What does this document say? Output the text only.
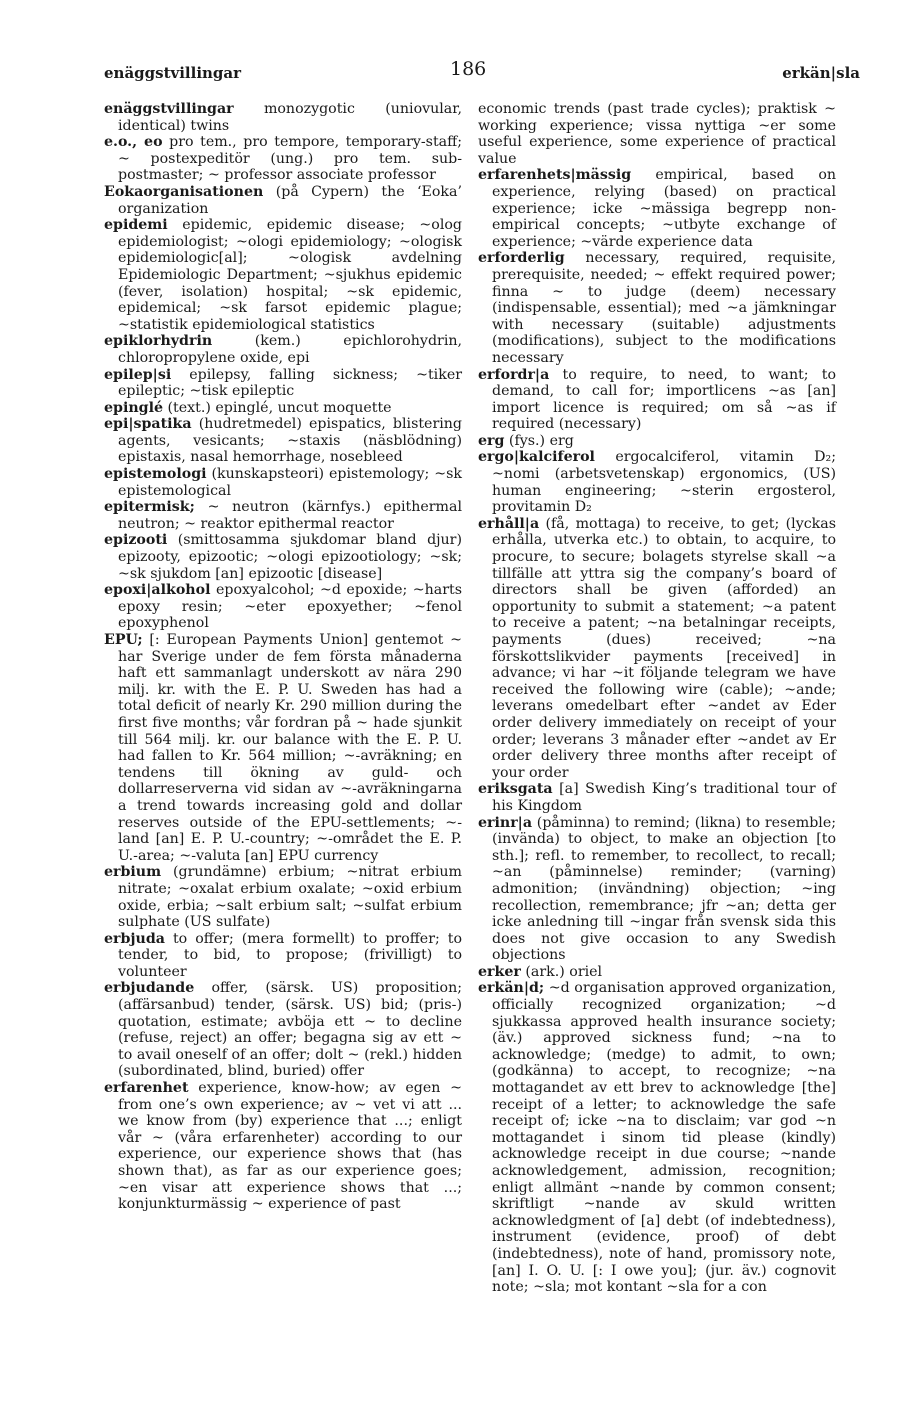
enäggstvillingar	186	erkän|sla

enäggstvillingar monozygotic (uniovular, identical) twins

e.o., eo pro tem., pro tempore, temporary-staff; ~ postexpeditör (ung.) pro tem. sub-postmaster; ~ professor associate professor

Eokaorganisationen (på Cypern) the ‘Eoka’ organization

epidemi epidemic, epidemic disease; ~olog epidemiologist; ~ologi epidemiology; ~ologisk epidemiologic[al]; ~ologisk avdelning Epidemiologic Department; ~sjukhus epidemic (fever, isolation) hospital; ~sk epidemic, epidemical; ~sk farsot epidemic plague; ~statistik epidemiological statistics

epiklorhydrin (kem.) epichlorohydrin, chloropropylene oxide, epi

epilep|si epilepsy, falling sickness; ~tiker epileptic; ~tisk epileptic

epinglé (text.) epinglé, uncut moquette

epi|spatika (hudretmedel) epispatics, blistering agents, vesicants; ~staxis (näsblödning) epistaxis, nasal hemorrhage, nosebleed

epistemologi (kunskapsteori) epistemology; ~sk epistemological

epitermisk; ~ neutron (kärnfys.) epithermal neutron; ~ reaktor epithermal reactor

epizooti (smittosamma sjukdomar bland djur) epizooty, epizootic; ~ologi epizootiology; ~sk; ~sk sjukdom [an] epizootic [disease]

epoxi|alkohol epoxyalcohol; ~d epoxide; ~harts epoxy resin; ~eter epoxyether; ~fenol epoxyphenol

EPU; [: European Payments Union] gentemot ~ har Sverige under de fem första månaderna haft ett sammanlagt underskott av nära 290 milj. kr. with the E. P. U. Sweden has had a total deficit of nearly Kr. 290 million during the first five months; vår fordran på ~ hade sjunkit till 564 milj. kr. our balance with the E. P. U. had fallen to Kr. 564 million; ~-avräkning; en tendens till ökning av guld- och dollarreserverna vid sidan av ~-avräkningarna a trend towards increasing gold and dollar reserves outside of the EPU-settlements; ~-land [an] E. P. U.-country; ~-området the E. P. U.-area; ~-valuta [an] EPU currency

erbium (grundämne) erbium; ~nitrat erbium nitrate; ~oxalat erbium oxalate; ~oxid erbium oxide, erbia; ~salt erbium salt; ~sulfat erbium sulphate (US sulfate)

erbjuda to offer; (mera formellt) to proffer; to tender, to bid, to propose; (frivilligt) to volunteer

erbjudande offer, (särsk. US) proposition; (affärsanbud) tender, (särsk. US) bid; (pris-) quotation, estimate; avböja ett ~ to decline (refuse, reject) an offer; begagna sig av ett ~ to avail oneself of an offer; dolt ~ (rekl.) hidden (subordinated, blind, buried) offer

erfarenhet experience, know-how; av egen ~ from one’s own experience; av ~ vet vi att ... we know from (by) experience that ...; enligt vår ~ (våra erfarenheter) according to our experience, our experience shows that (has shown that), as far as our experience goes; ~en visar att experience shows that ...; konjunkturmässig ~ experience of past

economic trends (past trade cycles); praktisk ~ working experience; vissa nyttiga ~er some useful experience, some experience of practical value

erfarenhets|mässig empirical, based on experience, relying (based) on practical experience; icke ~mässiga begrepp non-empirical concepts; ~utbyte exchange of experience; ~värde experience data

erforderlig necessary, required, requisite, prerequisite, needed; ~ effekt required power; finna ~ to judge (deem) necessary (indispensable, essential); med ~a jämkningar with necessary (suitable) adjustments (modifications), subject to the modifications necessary

erfordr|a to require, to need, to want; to demand, to call for; importlicens ~as [an] import licence is required; om så ~as if required (necessary)

erg (fys.) erg

ergo|kalciferol ergocalciferol, vitamin D₂; ~nomi (arbetsvetenskap) ergonomics, (US) human engineering; ~sterin ergosterol, provitamin D₂

erhåll|a (få, mottaga) to receive, to get; (lyckas erhålla, utverka etc.) to obtain, to acquire, to procure, to secure; bolagets styrelse skall ~a tillfälle att yttra sig the company’s board of directors shall be given (afforded) an opportunity to submit a statement; ~a patent to receive a patent; ~na betalningar receipts, payments (dues) received; ~na förskottslikvider payments [received] in advance; vi har ~it följande telegram we have received the following wire (cable); ~ande; leverans omedelbart efter ~andet av Eder order delivery immediately on receipt of your order; leverans 3 månader efter ~andet av Er order delivery three months after receipt of your order

eriksgata [a] Swedish King’s traditional tour of his Kingdom

erinr|a (påminna) to remind; (likna) to resemble; (invända) to object, to make an objection [to sth.]; refl. to remember, to recollect, to recall; ~an (påminnelse) reminder; (varning) admonition; (invändning) objection; ~ing recollection, remembrance; jfr ~an; detta ger icke anledning till ~ingar från svensk sida this does not give occasion to any Swedish objections

erker (ark.) oriel

erkän|d; ~d organisation approved organization, officially recognized organization; ~d sjukkassa approved health insurance society; (äv.) approved sickness fund; ~na to acknowledge; (medge) to admit, to own; (godkänna) to accept, to recognize; ~na mottagandet av ett brev to acknowledge [the] receipt of a letter; to acknowledge the safe receipt of; icke ~na to disclaim; var god ~n mottagandet i sinom tid please (kindly) acknowledge receipt in due course; ~nande acknowledgement, admission, recognition; enligt allmänt ~nande by common consent; skriftligt ~nande av skuld written acknowledgment of [a] debt (of indebtedness), instrument (evidence, proof) of debt (indebtedness), note of hand, promissory note, [an] I. O. U. [: I owe you]; (jur. äv.) cognovit note; ~sla; mot kontant ~sla for a con
